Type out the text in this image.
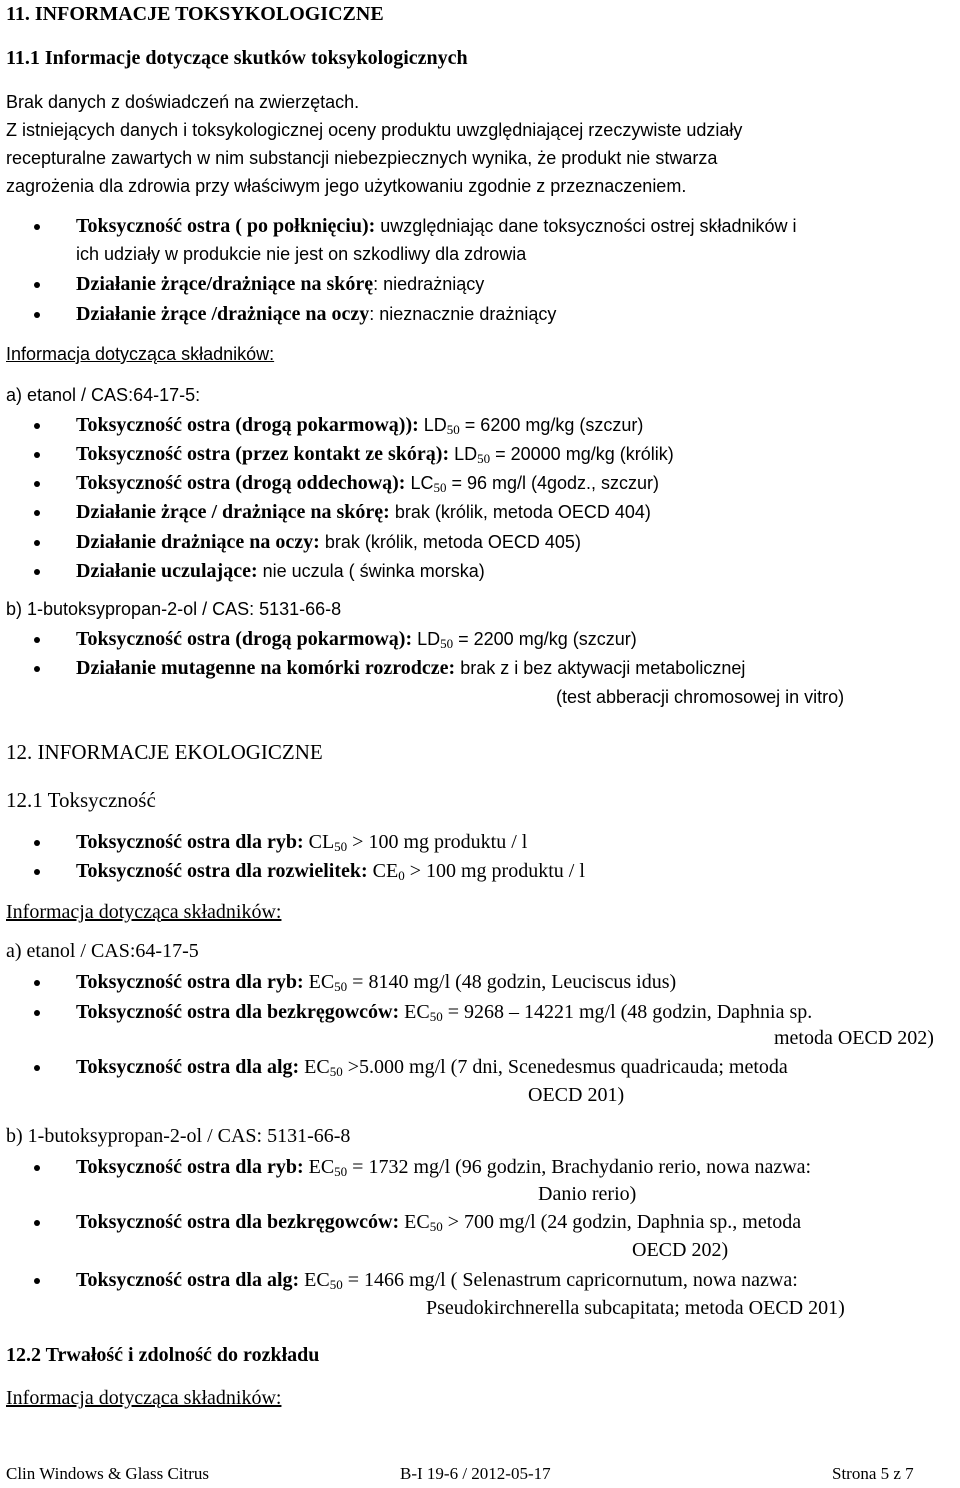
11. INFORMACJE TOKSYKOLOGICZNE
11.1 Informacje dotyczące skutków toksykologicznych
Brak danych z doświadczeń na zwierzętach.
Z istniejących danych i toksykologicznej oceny produktu uwzględniającej rzeczywiste udziały
recepturalne zawartych w nim substancji niebezpiecznych wynika, że produkt nie stwarza
zagrożenia dla zdrowia przy właściwym jego użytkowaniu zgodnie z przeznaczeniem.
Toksyczność ostra ( po połknięciu): uwzględniając dane toksyczności ostrej składników i
ich udziały w produkcie nie jest on szkodliwy dla zdrowia
Działanie żrące/drażniące na skórę: niedrażniący
Działanie żrące /drażniące na oczy: nieznacznie drażniący
Informacja dotycząca składników:
a) etanol / CAS:64-17-5:
Toksyczność ostra (drogą pokarmową)): $LD_{50} = 6200$ mg/kg (szczur)
Toksyczność ostra (przez kontakt ze skórą): $LD_{50} = 20000$ mg/kg (królik)
Toksyczność ostra (drogą oddechową): $LC_{50} = 96$ mg/l (4godz., szczur)
Działanie żrące / drażniące na skórę: brak (królik, metoda OECD 404)
Działanie drażniące na oczy: brak (królik, metoda OECD 405)
Działanie uczulające: nie uczula ( świnka morska)
b) 1-butoksypropan-2-ol / CAS: 5131-66-8
Toksyczność ostra (drogą pokarmową): $LD_{50} = 2200$ mg/kg (szczur)
Działanie mutagenne na komórki rozrodcze: brak z i bez aktywacji metabolicznej
(test abberacji chromosowej in vitro)
12. INFORMACJE EKOLOGICZNE
12.1 Toksyczność
Toksyczność ostra dla ryb: $CL_{50} > 100$ mg produktu / l
Toksyczność ostra dla rozwielitek: $CE_0 > 100$ mg produktu / l
Informacja dotycząca składników:
a) etanol / CAS:64-17-5
Toksyczność ostra dla ryb: $EC_{50} = 8140$ mg/l (48 godzin, Leuciscus idus)
Toksyczność ostra dla bezkręgowców: $EC_{50} = 9268 - 14221$ mg/l (48 godzin, Daphnia sp.
metoda OECD 202)
Toksyczność ostra dla alg: $EC_{50} >5.000$ mg/l (7 dni, Scenedesmus quadricauda; metoda
OECD 201)
b) 1-butoksypropan-2-ol / CAS: 5131-66-8
Toksyczność ostra dla ryb: $EC_{50} = 1732$ mg/l (96 godzin, Brachydanio rerio, nowa nazwa:
Danio rerio)
Toksyczność ostra dla bezkręgowców: $EC_{50} > 700$ mg/l (24 godzin, Daphnia sp., metoda
OECD 202)
Toksyczność ostra dla alg: $EC_{50} = 1466$ mg/l ( Selenastrum capricornutum, nowa nazwa:
Pseudokirchnerella subcapitata; metoda OECD 201)
12.2 Trwałość i zdolność do rozkładu
Informacja dotycząca składników:
Clin Windows & Glass Citrus	B-I 19-6 / 2012-05-17	Strona 5 z 7
